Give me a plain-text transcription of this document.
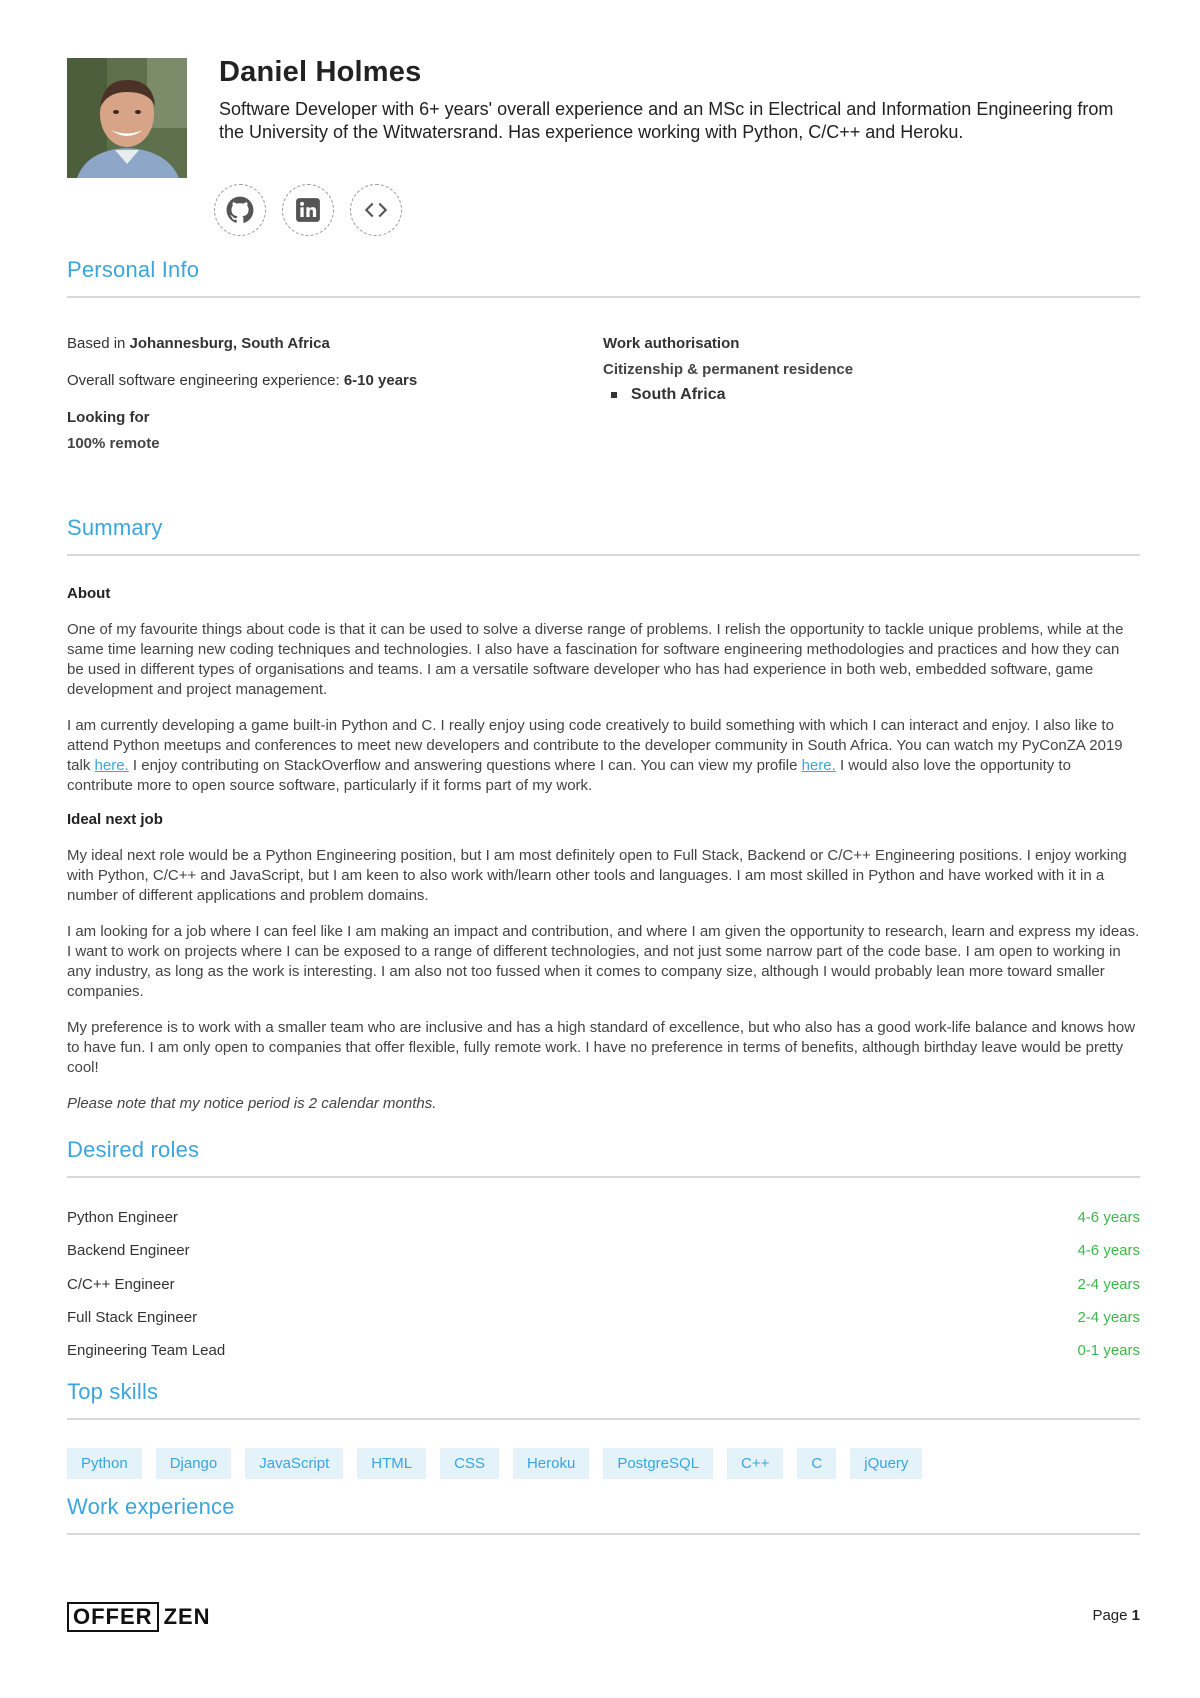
Daniel Holmes
Software Developer with 6+ years' overall experience and an MSc in Electrical and Information Engineering from the University of the Witwatersrand. Has experience working with Python, C/C++ and Heroku.
Personal Info
Based in Johannesburg, South Africa
Overall software engineering experience: 6-10 years
Looking for
100% remote
Work authorisation
Citizenship & permanent residence
South Africa
Summary
About
One of my favourite things about code is that it can be used to solve a diverse range of problems. I relish the opportunity to tackle unique problems, while at the same time learning new coding techniques and technologies. I also have a fascination for software engineering methodologies and practices and how they can be used in different types of organisations and teams. I am a versatile software developer who has had experience in both web, embedded software, game development and project management.
I am currently developing a game built-in Python and C. I really enjoy using code creatively to build something with which I can interact and enjoy. I also like to attend Python meetups and conferences to meet new developers and contribute to the developer community in South Africa. You can watch my PyConZA 2019 talk here. I enjoy contributing on StackOverflow and answering questions where I can. You can view my profile here. I would also love the opportunity to contribute more to open source software, particularly if it forms part of my work.
Ideal next job
My ideal next role would be a Python Engineering position, but I am most definitely open to Full Stack, Backend or C/C++ Engineering positions. I enjoy working with Python, C/C++ and JavaScript, but I am keen to also work with/learn other tools and languages. I am most skilled in Python and have worked with it in a number of different applications and problem domains.
I am looking for a job where I can feel like I am making an impact and contribution, and where I am given the opportunity to research, learn and express my ideas. I want to work on projects where I can be exposed to a range of different technologies, and not just some narrow part of the code base. I am open to working in any industry, as long as the work is interesting. I am also not too fussed when it comes to company size, although I would probably lean more toward smaller companies.
My preference is to work with a smaller team who are inclusive and has a high standard of excellence, but who also has a good work-life balance and knows how to have fun. I am only open to companies that offer flexible, fully remote work. I have no preference in terms of benefits, although birthday leave would be pretty cool!
Please note that my notice period is 2 calendar months.
Desired roles
Python Engineer	4-6 years
Backend Engineer	4-6 years
C/C++ Engineer	2-4 years
Full Stack Engineer	2-4 years
Engineering Team Lead	0-1 years
Top skills
Python	Django	JavaScript	HTML	CSS	Heroku	PostgreSQL	C++	C	jQuery
Work experience
OFFER ZEN	Page 1
